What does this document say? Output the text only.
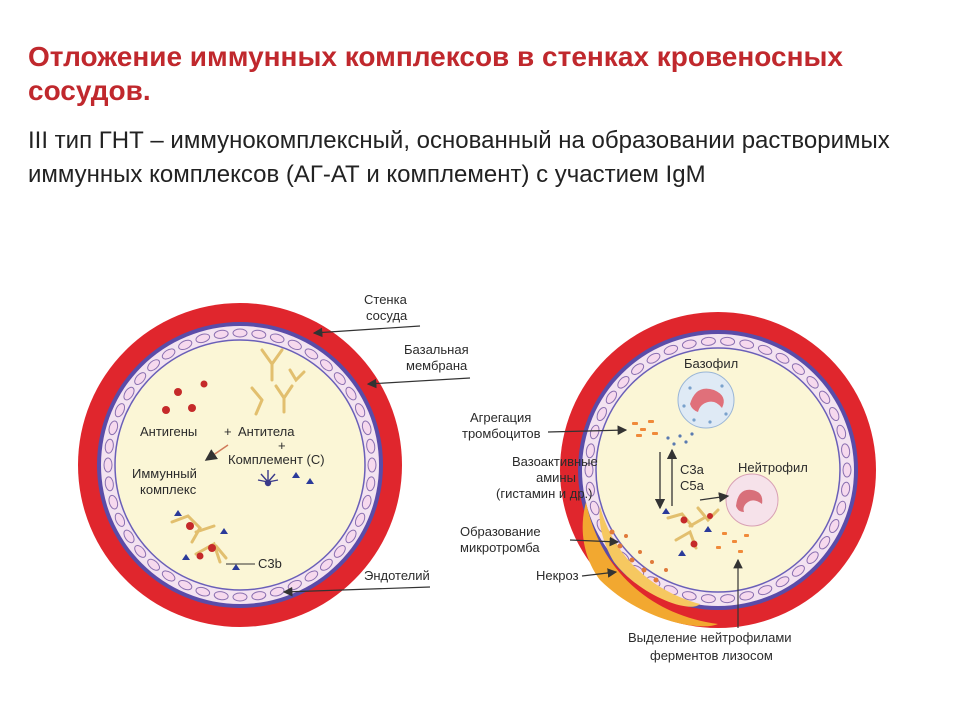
Отложение иммунных комплексов в стенках кровеносных сосудов.

III тип ГНТ – иммунокомплексный, основанный на образовании растворимых иммунных комплексов (АГ-АТ и комплемент) с участием IgM

Антигены + Антитела
+
Комплемент (С)
Иммунный
комплекс
С3b
Стенка
сосуда
Базальная
мембрана
Эндотелий
С3а
С5а
Базофил
Нейтрофил
Агрегация
тромбоцитов
Вазоактивные
амины
(гистамин и др.)
Образование
микротромба
Некроз
Выделение нейтрофилами
ферментов лизосом
